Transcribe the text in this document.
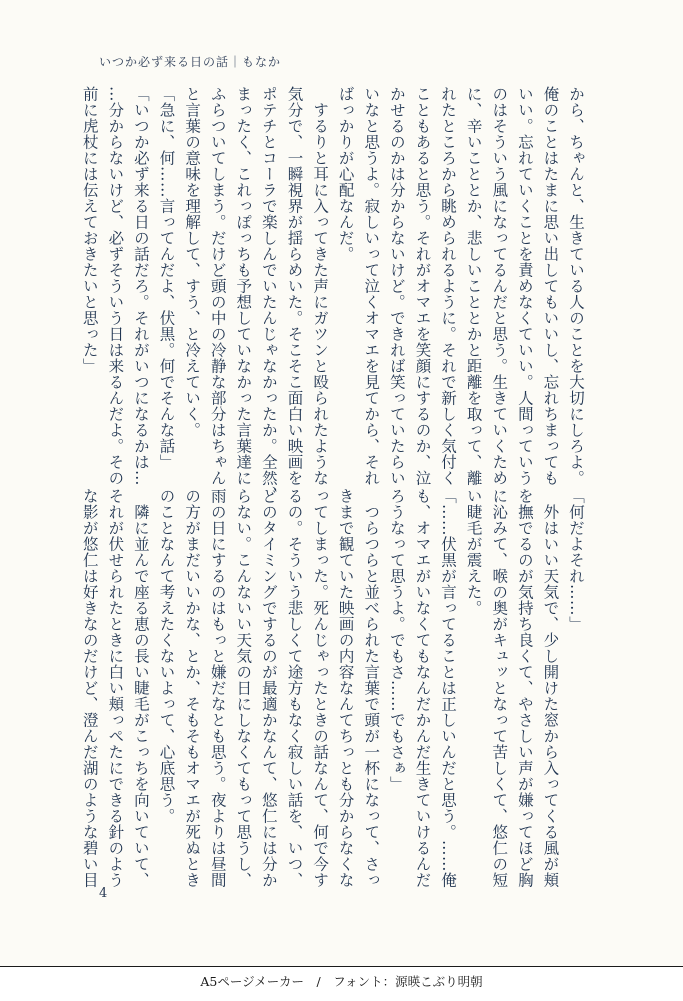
いつか必ず来る日の話｜もなか

から、ちゃんと、生きている人のことを大切にしろよ。

俺のことはたまに思い出してもいいし、忘れちまっても

いい。忘れていくことを責めなくていい。人間っていう

のはそういう風になってるんだと思う。生きていくため

に、辛いこととか、悲しいこととかと距離を取って、離

れたところから眺められるように。それで新しく気付く

こともあると思う。それがオマエを笑顔にするのか、泣

かせるのかは分からないけど。できれば笑っていたらい

いなと思うよ。寂しいって泣くオマエを見てから、それ

ばっかりが心配なんだ。

　するりと耳に入ってきた声にガツンと殴られたような

気分で、一瞬視界が揺らめいた。そこそこ面白い映画を

ポテチとコーラで楽しんでいたんじゃなかったか。全然、

まったく、これっぽっちも予想していなかった言葉達に

ふらついてしまう。だけど頭の中の冷静な部分はちゃん

と言葉の意味を理解して、すう、と冷えていく。

「急に、何……言ってんだよ、伏黒。何でそんな話」

「いつか必ず来る日の話だろ。それがいつになるかは…

…分からないけど、必ずそういう日は来るんだよ。その

前に虎杖には伝えておきたいと思った」

「何だよそれ……」

　外はいい天気で、少し開けた窓から入ってくる風が頬

を撫でるのが気持ち良くて、やさしい声が嫌ってほど胸

に沁みて、喉の奥がキュッとなって苦しくて、悠仁の短

い睫毛が震えた。

「……伏黒が言ってることは正しいんだと思う。……俺

も、オマエがいなくてもなんだかんだ生きていけるんだ

ろうなって思うよ。でもさ……でもさぁ」

　つらつらと並べられた言葉で頭が一杯になって、さっ

きまで観ていた映画の内容なんてちっとも分からなくな

ってしまった。死んじゃったときの話なんて、何で今す

るの。そういう悲しくて途方もなく寂しい話を、いつ、

どのタイミングでするのが最適かなんて、悠仁には分か

らない。こんないい天気の日にしなくてもって思うし、

雨の日にするのはもっと嫌だなとも思う。夜よりは昼間

の方がまだいいかな、とか、そもそもオマエが死ぬとき

のことなんて考えたくないよって、心底思う。

　隣に並んで座る恵の長い睫毛がこっちを向いていて、

それが伏せられたときに白い頬っぺたにできる針のよう

な影が悠仁は好きなのだけど、澄んだ湖のような碧い目

4
A5ページメーカー　/　フォント：源暎こぶり明朝
